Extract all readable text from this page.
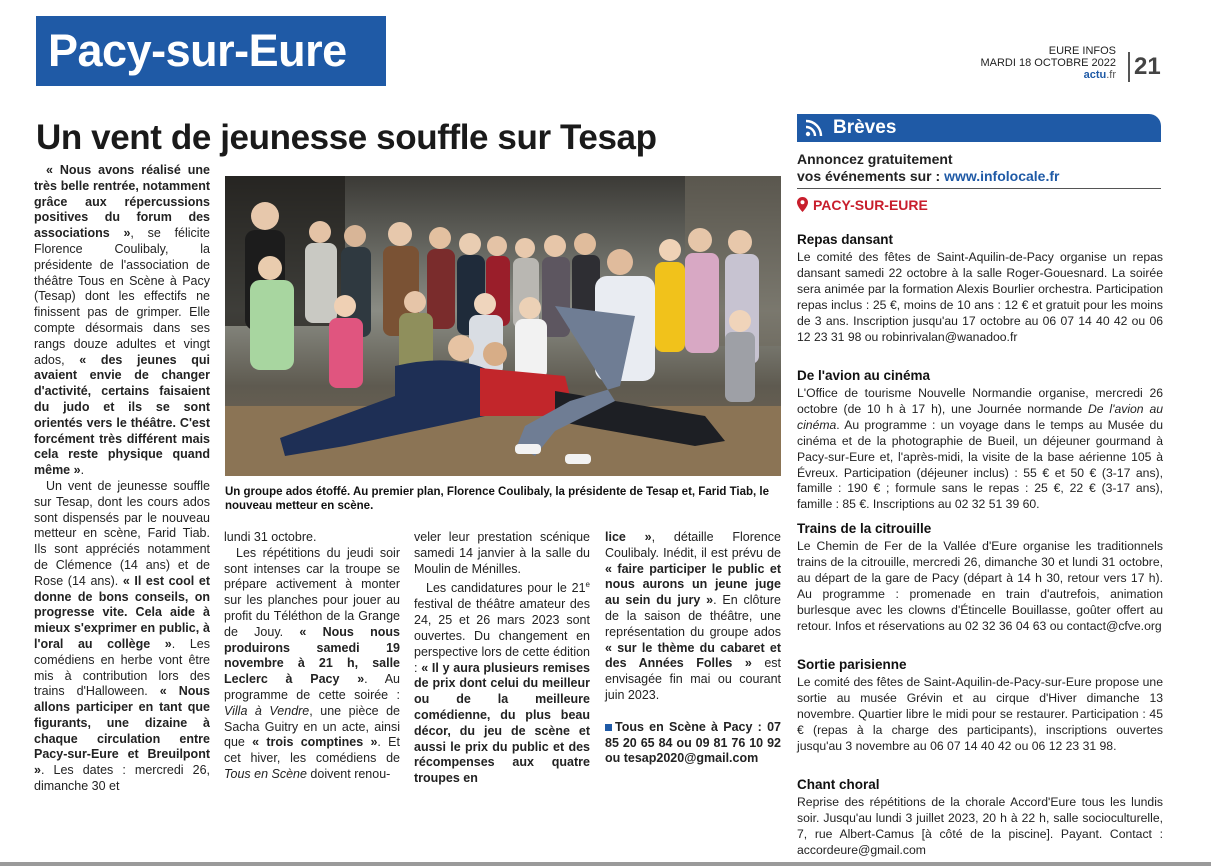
Pacy-sur-Eure	EURE INFOS
MARDI 18 OCTOBRE 2022
actu.fr 21
Un vent de jeunesse souffle sur Tesap

« Nous avons réalisé une très belle rentrée, notamment grâce aux répercussions positives du forum des associations », se félicite Florence Coulibaly, la présidente de l'association de théâtre Tous en Scène à Pacy (Tesap) dont les effectifs ne finissent pas de grimper. Elle compte désormais dans ses rangs douze adultes et vingt ados, « des jeunes qui avaient envie de changer d'activité, certains faisaient du judo et ils se sont orientés vers le théâtre. C'est forcément très différent mais cela reste physique quand même ».

Un vent de jeunesse souffle sur Tesap, dont les cours ados sont dispensés par le nouveau metteur en scène, Farid Tiab. Ils sont appréciés notamment de Clémence (14 ans) et de Rose (14 ans). « Il est cool et donne de bons conseils, on progresse vite. Cela aide à mieux s'exprimer en public, à l'oral au collège ». Les comédiens en herbe vont être mis à contribution lors des trains d'Halloween. « Nous allons participer en tant que figurants, une dizaine à chaque circulation entre Pacy-sur-Eure et Breuilpont ». Les dates : mercredi 26, dimanche 30 et

Un groupe ados étoffé. Au premier plan, Florence Coulibaly, la présidente de Tesap et, Farid Tiab, le nouveau metteur en scène.

lundi 31 octobre.

Les répétitions du jeudi soir sont intenses car la troupe se prépare activement à monter sur les planches pour jouer au profit du Téléthon de la Grange de Jouy. « Nous nous produirons samedi 19 novembre à 21 h, salle Leclerc à Pacy ». Au programme de cette soirée : Villa à Vendre, une pièce de Sacha Guitry en un acte, ainsi que « trois comptines ». Et cet hiver, les comédiens de Tous en Scène doivent renou-

veler leur prestation scénique samedi 14 janvier à la salle du Moulin de Ménilles.

Les candidatures pour le 21e festival de théâtre amateur des 24, 25 et 26 mars 2023 sont ouvertes. Du changement en perspective lors de cette édition : « Il y aura plusieurs remises de prix dont celui du meilleur ou de la meilleure comédienne, du plus beau décor, du jeu de scène et aussi le prix du public et des récompenses aux quatre troupes en

lice », détaille Florence Coulibaly. Inédit, il est prévu de « faire participer le public et nous aurons un jeune juge au sein du jury ». En clôture de la saison de théâtre, une représentation du groupe ados « sur le thème du cabaret et des Années Folles » est envisagée fin mai ou courant juin 2023.

Tous en Scène à Pacy : 07 85 20 65 84 ou 09 81 76 10 92 ou tesap2020@gmail.com

Brèves
Annoncez gratuitement
vos événements sur : www.infolocale.fr
PACY-SUR-EURE
Repas dansant
Le comité des fêtes de Saint-Aquilin-de-Pacy organise un repas dansant samedi 22 octobre à la salle Roger-Gouesnard. La soirée sera animée par la formation Alexis Bourlier orchestra. Participation repas inclus : 25 €, moins de 10 ans : 12 € et gratuit pour les moins de 3 ans. Inscription jusqu'au 17 octobre au 06 07 14 40 42 ou 06 12 23 31 98 ou robinrivalan@wanadoo.fr
De l'avion au cinéma
L'Office de tourisme Nouvelle Normandie organise, mercredi 26 octobre (de 10 h à 17 h), une Journée normande De l'avion au cinéma. Au programme : un voyage dans le temps au Musée du cinéma et de la photographie de Bueil, un déjeuner gourmand à Pacy-sur-Eure et, l'après-midi, la visite de la base aérienne 105 à Évreux. Participation (déjeuner inclus) : 55 € et 50 € (3-17 ans), famille : 190 € ; formule sans le repas : 25 €, 22 € (3-17 ans), famille : 85 €. Inscriptions au 02 32 51 39 60.
Trains de la citrouille
Le Chemin de Fer de la Vallée d'Eure organise les traditionnels trains de la citrouille, mercredi 26, dimanche 30 et lundi 31 octobre, au départ de la gare de Pacy (départ à 14 h 30, retour vers 17 h). Au programme : promenade en train d'autrefois, animation burlesque avec les clowns d'Étincelle Bouillasse, goûter offert au retour. Infos et réservations au 02 32 36 04 63 ou contact@cfve.org
Sortie parisienne
Le comité des fêtes de Saint-Aquilin-de-Pacy-sur-Eure propose une sortie au musée Grévin et au cirque d'Hiver dimanche 13 novembre. Quartier libre le midi pour se restaurer. Participation : 45 € (repas à la charge des participants), inscriptions ouvertes jusqu'au 3 novembre au 06 07 14 40 42 ou 06 12 23 31 98.
Chant choral
Reprise des répétitions de la chorale Accord'Eure tous les lundis soir. Jusqu'au lundi 3 juillet 2023, 20 h à 22 h, salle socioculturelle, 7, rue Albert-Camus [à côté de la piscine]. Payant. Contact : accordeure@gmail.com
